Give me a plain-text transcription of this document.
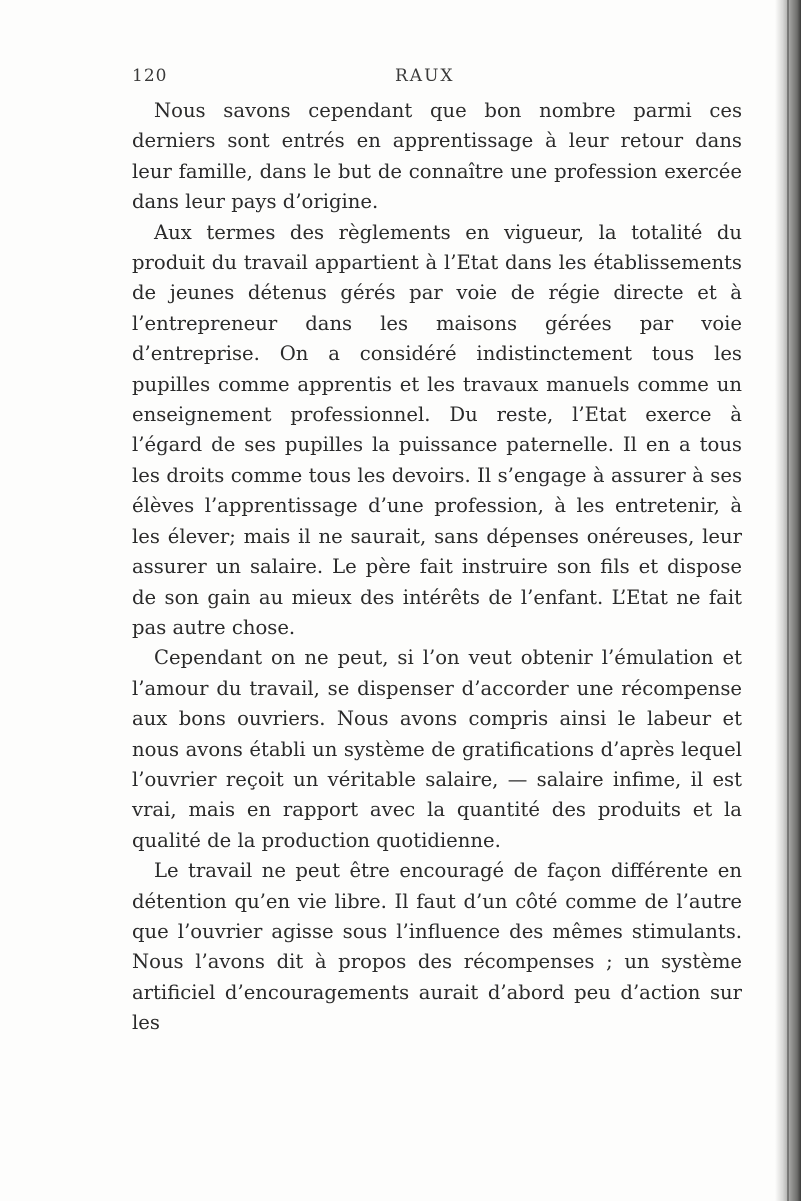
120	RAUX

Nous savons cependant que bon nombre parmi ces derniers sont entrés en apprentissage à leur retour dans leur famille, dans le but de connaître une profession exercée dans leur pays d’origine.

Aux termes des règlements en vigueur, la totalité du produit du travail appartient à l’Etat dans les établissements de jeunes détenus gérés par voie de régie directe et à l’entrepreneur dans les maisons gérées par voie d’entreprise. On a considéré indistinctement tous les pupilles comme apprentis et les travaux manuels comme un enseignement professionnel. Du reste, l’Etat exerce à l’égard de ses pupilles la puissance paternelle. Il en a tous les droits comme tous les devoirs. Il s’engage à assurer à ses élèves l’apprentissage d’une profession, à les entretenir, à les élever; mais il ne saurait, sans dépenses onéreuses, leur assurer un salaire. Le père fait instruire son fils et dispose de son gain au mieux des intérêts de l’enfant. L’Etat ne fait pas autre chose.

Cependant on ne peut, si l’on veut obtenir l’émulation et l’amour du travail, se dispenser d’accorder une récompense aux bons ouvriers. Nous avons compris ainsi le labeur et nous avons établi un système de gratifications d’après lequel l’ouvrier reçoit un véritable salaire, — salaire infime, il est vrai, mais en rapport avec la quantité des produits et la qualité de la production quotidienne.

Le travail ne peut être encouragé de façon différente en détention qu’en vie libre. Il faut d’un côté comme de l’autre que l’ouvrier agisse sous l’influence des mêmes stimulants. Nous l’avons dit à propos des récompenses ; un système artificiel d’encouragements aurait d’abord peu d’action sur les
